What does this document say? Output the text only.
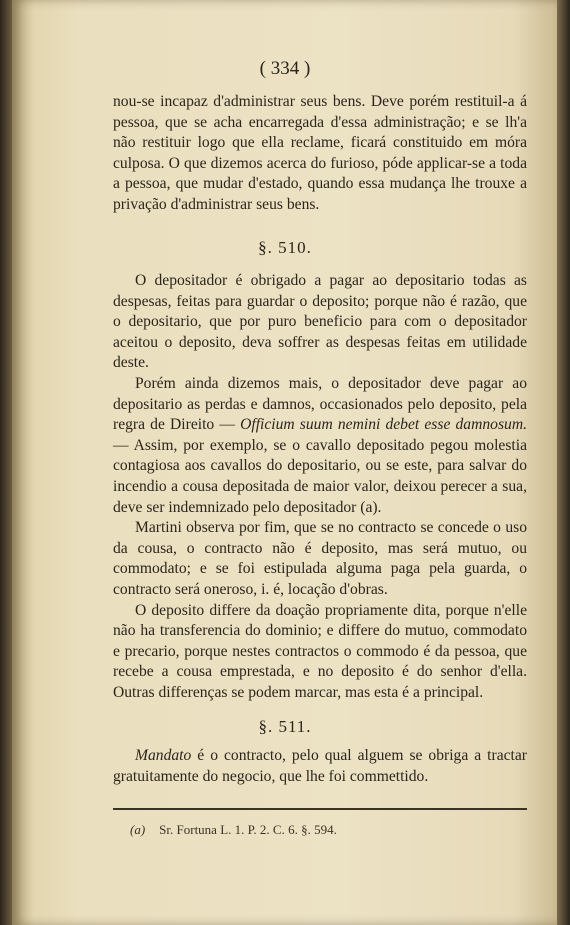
( 334 )

nou-se incapaz d'administrar seus bens. Deve porém restituil-a á pessoa, que se acha encarregada d'essa administração; e se lh'a não restituir logo que ella reclame, ficará constituido em móra culposa. O que dizemos acerca do furioso, póde applicar-se a toda a pessoa, que mudar d'estado, quando essa mudança lhe trouxe a privação d'administrar seus bens.

§. 510.

O depositador é obrigado a pagar ao depositario todas as despesas, feitas para guardar o deposito; porque não é razão, que o depositario, que por puro beneficio para com o depositador aceitou o deposito, deva soffrer as despesas feitas em utilidade deste.

Porém ainda dizemos mais, o depositador deve pagar ao depositario as perdas e damnos, occasionados pelo deposito, pela regra de Direito — Officium suum nemini debet esse damnosum. — Assim, por exemplo, se o cavallo depositado pegou molestia contagiosa aos cavallos do depositario, ou se este, para salvar do incendio a cousa depositada de maior valor, deixou perecer a sua, deve ser indemnizado pelo depositador (a).

Martini observa por fim, que se no contracto se concede o uso da cousa, o contracto não é deposito, mas será mutuo, ou commodato; e se foi estipulada alguma paga pela guarda, o contracto será oneroso, i. é, locação d'obras.

O deposito differe da doação propriamente dita, porque n'elle não ha transferencia do dominio; e differe do mutuo, commodato e precario, porque nestes contractos o commodo é da pessoa, que recebe a cousa emprestada, e no deposito é do senhor d'ella. Outras differenças se podem marcar, mas esta é a principal.

§. 511.

Mandato é o contracto, pelo qual alguem se obriga a tractar gratuitamente do negocio, que lhe foi commettido.

(a) Sr. Fortuna L. 1. P. 2. C. 6. §. 594.
